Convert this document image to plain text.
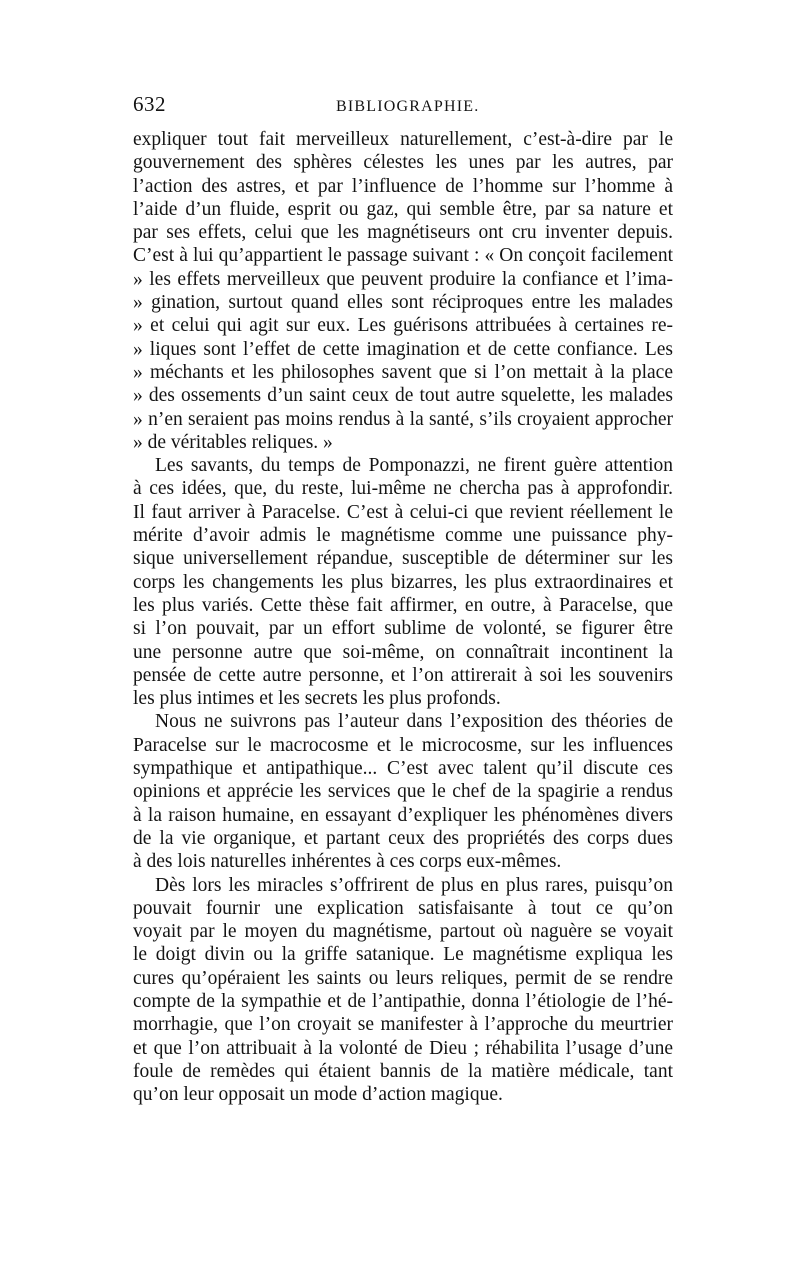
632	BIBLIOGRAPHIE.
expliquer tout fait merveilleux naturellement, c’est-à-dire par le
gouvernement des sphères célestes les unes par les autres, par
l’action des astres, et par l’influence de l’homme sur l’homme à
l’aide d’un fluide, esprit ou gaz, qui semble être, par sa nature et
par ses effets, celui que les magnétiseurs ont cru inventer depuis.
C’est à lui qu’appartient le passage suivant : « On conçoit facilement
» les effets merveilleux que peuvent produire la confiance et l’ima-
» gination, surtout quand elles sont réciproques entre les malades
» et celui qui agit sur eux. Les guérisons attribuées à certaines re-
» liques sont l’effet de cette imagination et de cette confiance. Les
» méchants et les philosophes savent que si l’on mettait à la place
» des ossements d’un saint ceux de tout autre squelette, les malades
» n’en seraient pas moins rendus à la santé, s’ils croyaient approcher
» de véritables reliques. »
Les savants, du temps de Pomponazzi, ne firent guère attention
à ces idées, que, du reste, lui-même ne chercha pas à approfondir.
Il faut arriver à Paracelse. C’est à celui-ci que revient réellement le
mérite d’avoir admis le magnétisme comme une puissance phy-
sique universellement répandue, susceptible de déterminer sur les
corps les changements les plus bizarres, les plus extraordinaires et
les plus variés. Cette thèse fait affirmer, en outre, à Paracelse, que
si l’on pouvait, par un effort sublime de volonté, se figurer être
une personne autre que soi-même, on connaîtrait incontinent la
pensée de cette autre personne, et l’on attirerait à soi les souvenirs
les plus intimes et les secrets les plus profonds.
Nous ne suivrons pas l’auteur dans l’exposition des théories de
Paracelse sur le macrocosme et le microcosme, sur les influences
sympathique et antipathique... C’est avec talent qu’il discute ces
opinions et apprécie les services que le chef de la spagirie a rendus
à la raison humaine, en essayant d’expliquer les phénomènes divers
de la vie organique, et partant ceux des propriétés des corps dues
à des lois naturelles inhérentes à ces corps eux-mêmes.
Dès lors les miracles s’offrirent de plus en plus rares, puisqu’on
pouvait fournir une explication satisfaisante à tout ce qu’on
voyait par le moyen du magnétisme, partout où naguère se voyait
le doigt divin ou la griffe satanique. Le magnétisme expliqua les
cures qu’opéraient les saints ou leurs reliques, permit de se rendre
compte de la sympathie et de l’antipathie, donna l’étiologie de l’hé-
morrhagie, que l’on croyait se manifester à l’approche du meurtrier
et que l’on attribuait à la volonté de Dieu ; réhabilita l’usage d’une
foule de remèdes qui étaient bannis de la matière médicale, tant
qu’on leur opposait un mode d’action magique.
